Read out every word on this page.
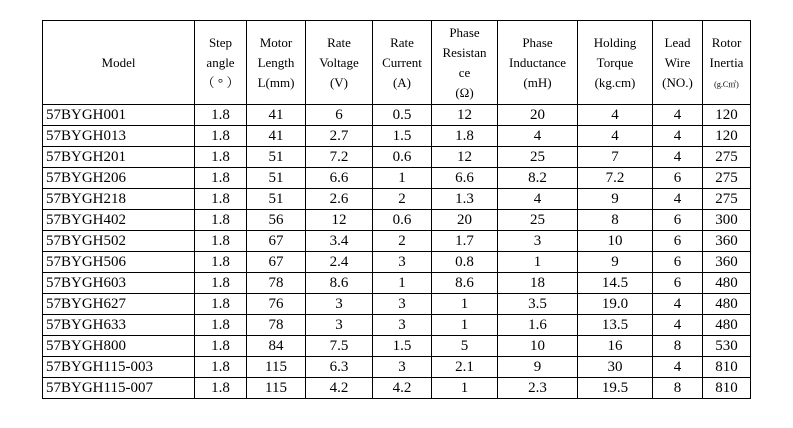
Model	Step
angle
（ ° ）	Motor
Length
L(mm)	Rate
Voltage
(V)	Rate
Current
(A)	Phase
Resistan
ce
(Ω)	Phase
Inductance
(mH)	Holding
Torque
(kg.cm)	Lead
Wire
(NO.)	Rotor
Inertia
(g.C㎡)
57BYGH001	1.8	41	6	0.5	12	20	4	4	120
57BYGH013	1.8	41	2.7	1.5	1.8	4	4	4	120
57BYGH201	1.8	51	7.2	0.6	12	25	7	4	275
57BYGH206	1.8	51	6.6	1	6.6	8.2	7.2	6	275
57BYGH218	1.8	51	2.6	2	1.3	4	9	4	275
57BYGH402	1.8	56	12	0.6	20	25	8	6	300
57BYGH502	1.8	67	3.4	2	1.7	3	10	6	360
57BYGH506	1.8	67	2.4	3	0.8	1	9	6	360
57BYGH603	1.8	78	8.6	1	8.6	18	14.5	6	480
57BYGH627	1.8	76	3	3	1	3.5	19.0	4	480
57BYGH633	1.8	78	3	3	1	1.6	13.5	4	480
57BYGH800	1.8	84	7.5	1.5	5	10	16	8	530
57BYGH115-003	1.8	115	6.3	3	2.1	9	30	4	810
57BYGH115-007	1.8	115	4.2	4.2	1	2.3	19.5	8	810
